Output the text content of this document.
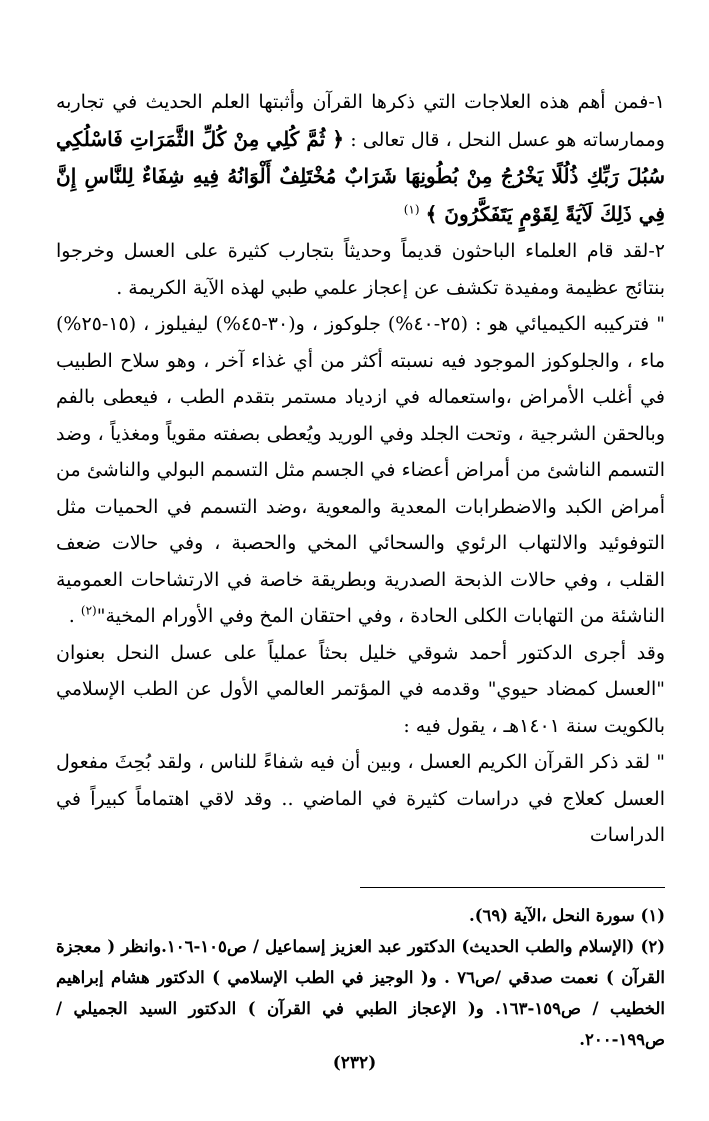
١-فمن أهم هذه العلاجات التي ذكرها القرآن وأثبتها العلم الحديث في تجاربه وممارساته هو عسل النحل ، قال تعالى : ﴿ ثُمَّ كُلِي مِنْ كُلِّ الثَّمَرَاتِ فَاسْلُكِي سُبُلَ رَبِّكِ ذُلُلًا يَخْرُجُ مِنْ بُطُونِهَا شَرَابٌ مُخْتَلِفٌ أَلْوَانُهُ فِيهِ شِفَاءٌ لِلنَّاسِ إِنَّ فِي ذَلِكَ لَآيَةً لِقَوْمٍ يَتَفَكَّرُونَ ﴾ $^{(١)}$

٢-لقد قام العلماء الباحثون قديماً وحديثاً بتجارب كثيرة على العسل وخرجوا بنتائج عظيمة ومفيدة تكشف عن إعجاز علمي طبي لهذه الآية الكريمة .

" فتركيبه الكيميائي هو : (٢٥-٤٠%) جلوكوز ، و(٣٠-٤٥%) ليفيلوز ، (١٥-٢٥%) ماء ، والجلوكوز الموجود فيه نسبته أكثر من أي غذاء آخر ، وهو سلاح الطبيب في أغلب الأمراض ،واستعماله في ازدياد مستمر بتقدم الطب ، فيعطى بالفم وبالحقن الشرجية ، وتحت الجلد وفي الوريد ويُعطى بصفته مقوياً ومغذياً ، وضد التسمم الناشئ من أمراض أعضاء في الجسم مثل التسمم البولي والناشئ من أمراض الكبد والاضطرابات المعدية والمعوية ،وضد التسمم في الحميات مثل التوفوئيد والالتهاب الرئوي والسحائي المخي والحصبة ، وفي حالات ضعف القلب ، وفي حالات الذبحة الصدرية وبطريقة خاصة في الارتشاحات العمومية الناشئة من التهابات الكلى الحادة ، وفي احتقان المخ وفي الأورام المخية"$^{(٢)}$ .

وقد أجرى الدكتور أحمد شوقي خليل بحثاً عملياً على عسل النحل بعنوان "العسل كمضاد حيوي" وقدمه في المؤتمر العالمي الأول عن الطب الإسلامي بالكويت سنة ١٤٠١هـ ، يقول فيه :

" لقد ذكر القرآن الكريم العسل ، وبين أن فيه شفاءً للناس ، ولقد بُحِثَ مفعول العسل كعلاج في دراسات كثيرة في الماضي .. وقد لاقي اهتماماً كبيراً في الدراسات

(١) سورة النحل ،الآية (٦٩).

(٢) (الإسلام والطب الحديث) الدكتور عبد العزيز إسماعيل / ص١٠٥-١٠٦.وانظر ( معجزة القرآن ) نعمت صدقي /ص٧٦ . و( الوجيز في الطب الإسلامي ) الدكتور هشام إبراهيم الخطيب / ص١٥٩-١٦٣. و( الإعجاز الطبي في القرآن ) الدكتور السيد الجميلي /ص١٩٩-٢٠٠.

(٢٣٢)
